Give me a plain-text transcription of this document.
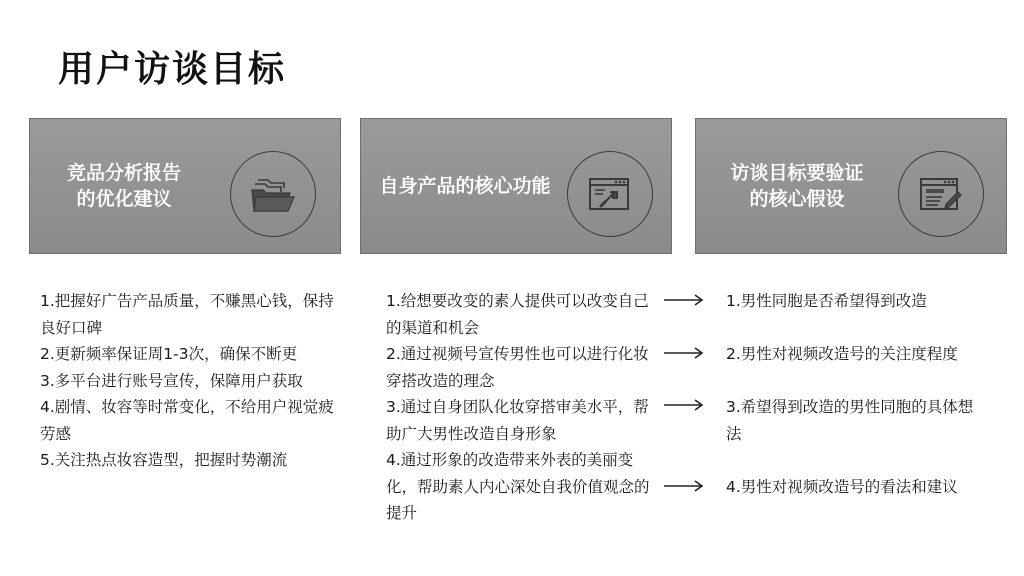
用户访谈目标
竞品分析报告
的优化建议
自身产品的核心功能
访谈目标要验证
的核心假设

1.把握好广告产品质量，不赚黑心钱，保持良好口碑

2.更新频率保证周1-3次，确保不断更

3.多平台进行账号宣传，保障用户获取

4.剧情、妆容等时常变化，不给用户视觉疲劳感

5.关注热点妆容造型，把握时势潮流

1.给想要改变的素人提供可以改变自己的渠道和机会

2.通过视频号宣传男性也可以进行化妆穿搭改造的理念

3.通过自身团队化妆穿搭审美水平，帮助广大男性改造自身形象

4.通过形象的改造带来外表的美丽变化，帮助素人内心深处自我价值观念的提升

1.男性同胞是否希望得到改造
2.男性对视频改造号的关注度程度
3.希望得到改造的男性同胞的具体想法
4.男性对视频改造号的看法和建议
